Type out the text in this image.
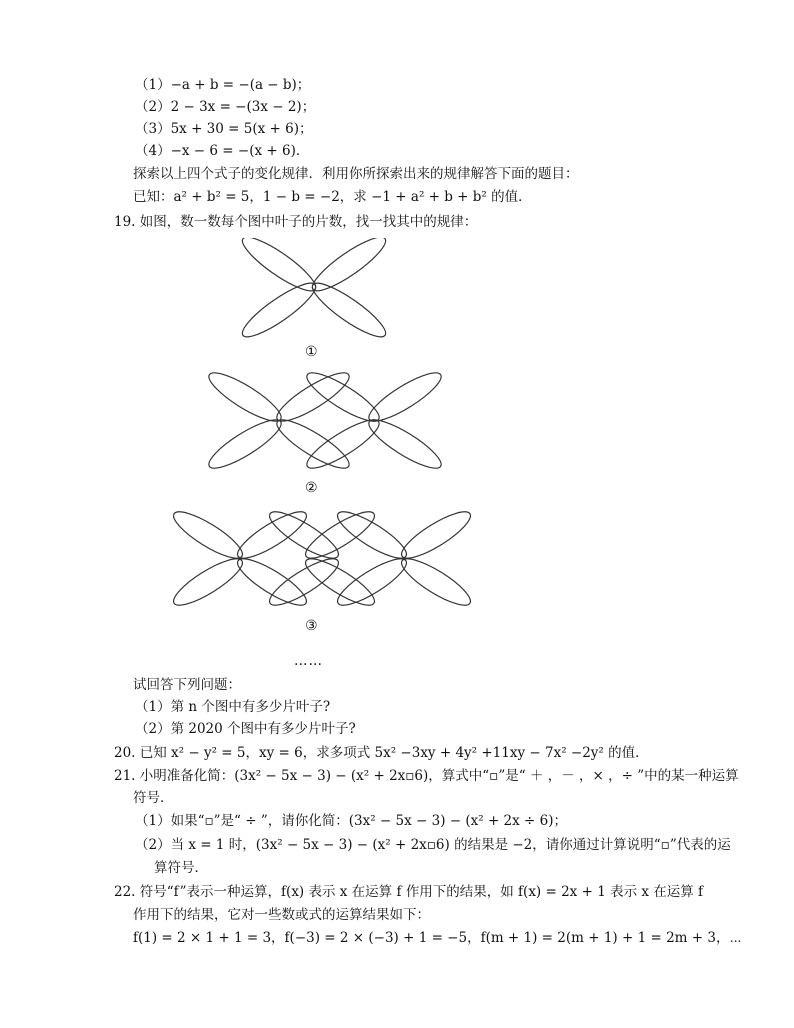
（1）−a + b = −(a − b)；
（2）2 − 3x = −(3x − 2)；
（3）5x + 30 = 5(x + 6)；
（4）−x − 6 = −(x + 6)．
探索以上四个式子的变化规律．利用你所探索出来的规律解答下面的题目：
已知：a² + b² = 5，1 − b = −2，求 −1 + a² + b + b² 的值．
19. 如图，数一数每个图中叶子的片数，找一找其中的规律：
①
②
③
……
试回答下列问题：
（1）第 n 个图中有多少片叶子?
（2）第 2020 个图中有多少片叶子?
20. 已知 x² − y² = 5，xy = 6，求多项式 5x² −3xy + 4y² +11xy − 7x² −2y² 的值．
21. 小明准备化简：(3x² − 5x − 3) − (x² + 2x▫6)，算式中“▫”是“ ＋ ，－ ，× ，÷ ”中的某一种运算
符号．
（1）如果“▫”是“ ÷ ”，请你化简：(3x² − 5x − 3) − (x² + 2x ÷ 6)；
（2）当 x = 1 时，(3x² − 5x − 3) − (x² + 2x▫6) 的结果是 −2，请你通过计算说明“▫”代表的运
算符号．
22. 符号“f”表示一种运算，f(x) 表示 x 在运算 f 作用下的结果，如 f(x) = 2x + 1 表示 x 在运算 f
作用下的结果，它对一些数或式的运算结果如下：
f(1) = 2 × 1 + 1 = 3，f(−3) = 2 × (−3) + 1 = −5，f(m + 1) = 2(m + 1) + 1 = 2m + 3，⋯
